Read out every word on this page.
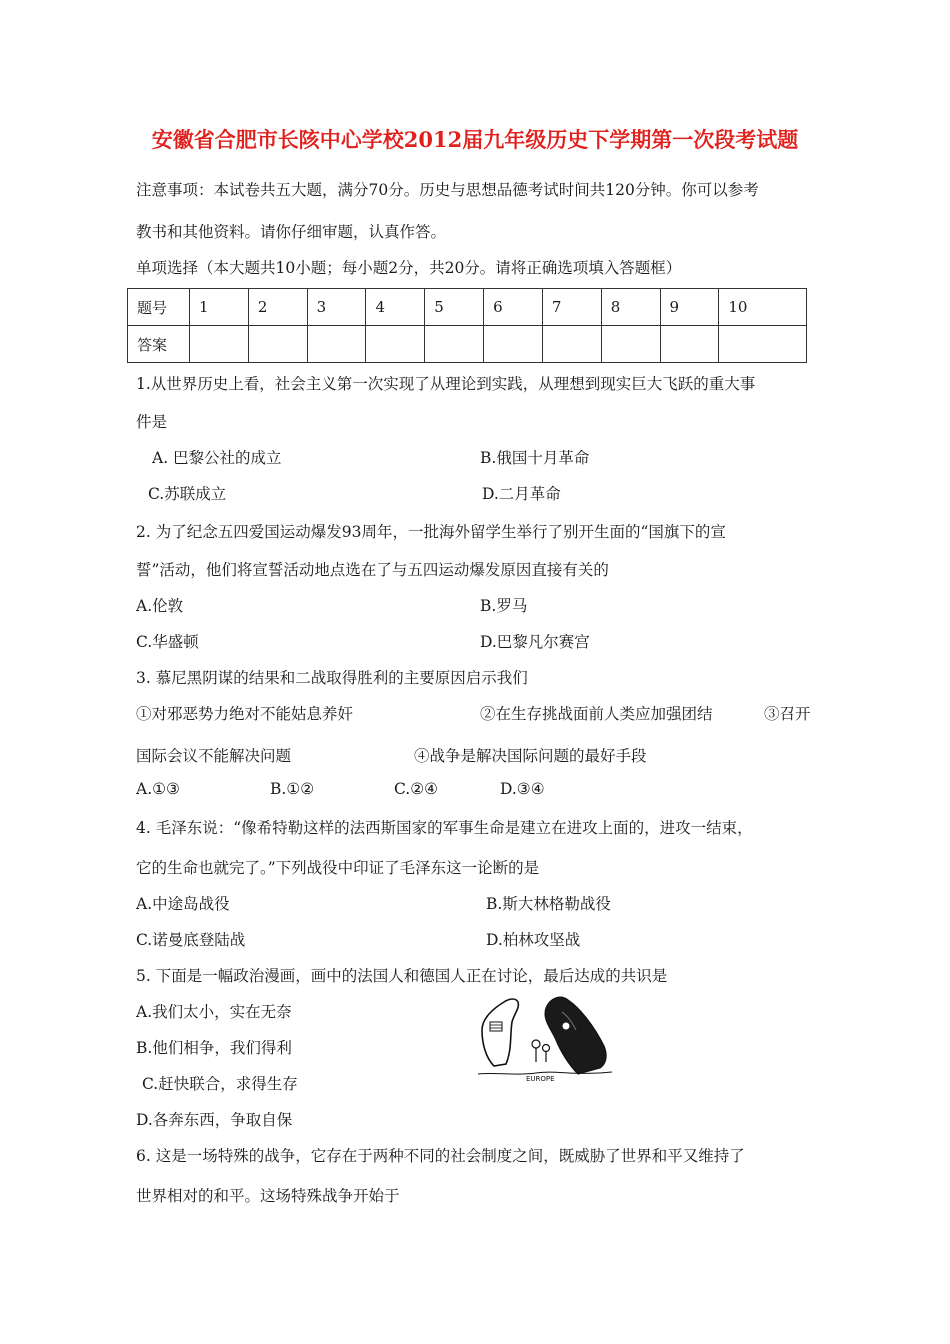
安徽省合肥市长陔中心学校2012届九年级历史下学期第一次段考试题
注意事项：本试卷共五大题，满分70分。历史与思想品德考试时间共120分钟。你可以参考
教书和其他资料。请你仔细审题，认真作答。
单项选择（本大题共10小题；每小题2分，共20分。请将正确选项填入答题框）
题号	1	2	3	4	5	6	7	8	9	10
答案										
1.从世界历史上看，社会主义第一次实现了从理论到实践，从理想到现实巨大飞跃的重大事
件是
A. 巴黎公社的成立	B.俄国十月革命
C.苏联成立	D.二月革命
2. 为了纪念五四爱国运动爆发93周年，一批海外留学生举行了别开生面的“国旗下的宣
誓”活动，他们将宣誓活动地点选在了与五四运动爆发原因直接有关的
A.伦敦	B.罗马
C.华盛顿	D.巴黎凡尔赛宫
3. 慕尼黑阴谋的结果和二战取得胜利的主要原因启示我们
①对邪恶势力绝对不能姑息养奸	②在生存挑战面前人类应加强团结	③召开
国际会议不能解决问题	④战争是解决国际问题的最好手段
A.①③	B.①②	C.②④	D.③④
4. 毛泽东说：“像希特勒这样的法西斯国家的军事生命是建立在进攻上面的，进攻一结束，
它的生命也就完了。”下列战役中印证了毛泽东这一论断的是
A.中途岛战役	B.斯大林格勒战役
C.诺曼底登陆战	D.柏林攻坚战
5. 下面是一幅政治漫画，画中的法国人和德国人正在讨论，最后达成的共识是
A.我们太小，实在无奈
B.他们相争，我们得利
C.赶快联合，求得生存
D.各奔东西，争取自保
EUROPE
6. 这是一场特殊的战争，它存在于两种不同的社会制度之间，既威胁了世界和平又维持了
世界相对的和平。这场特殊战争开始于
